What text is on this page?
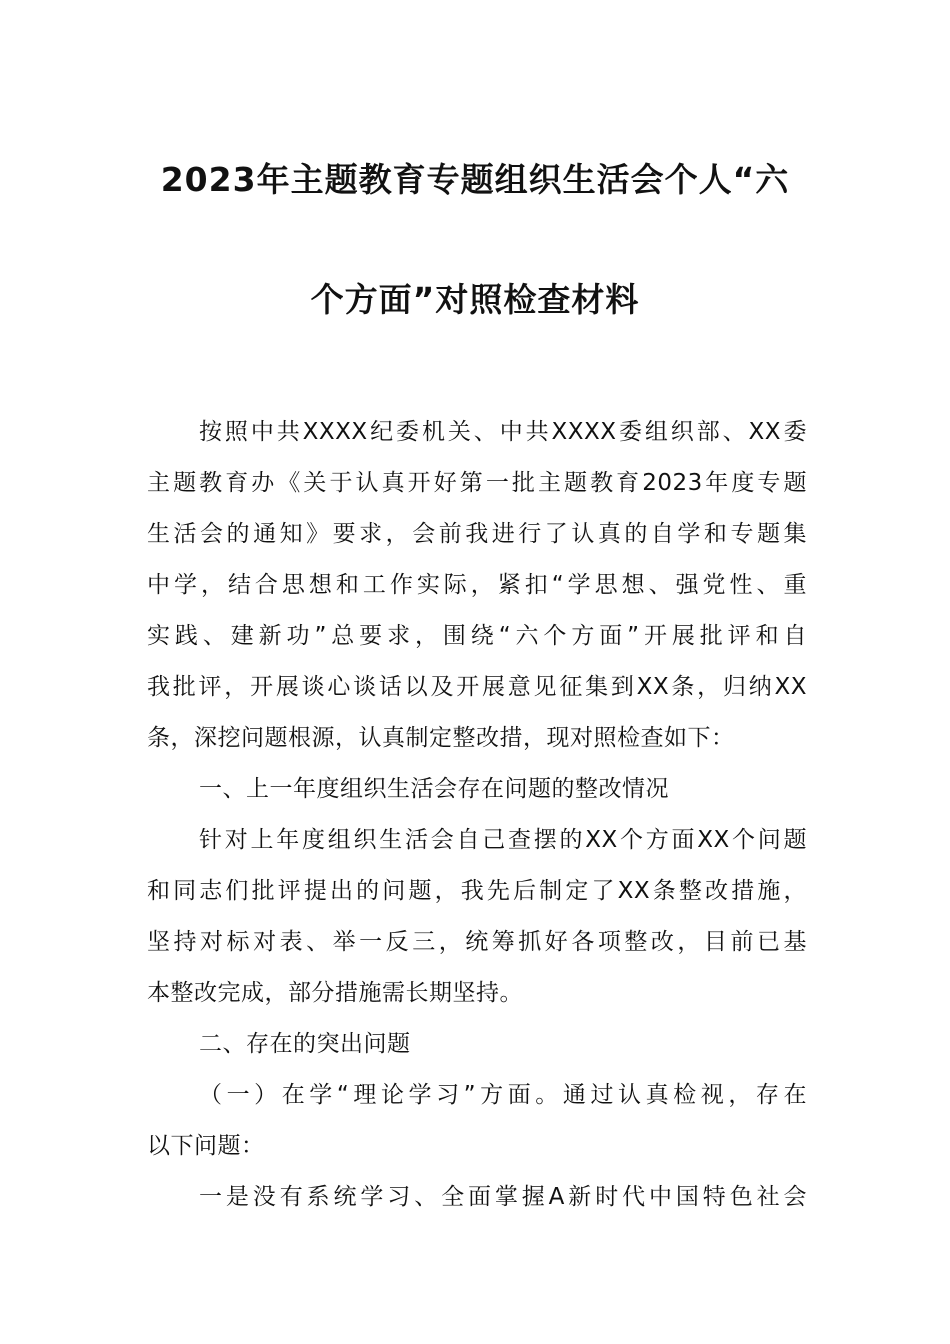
2023年主题教育专题组织生活会个人“六
个方面”对照检查材料
按照中共XXXX纪委机关、中共XXXX委组织部、XX委
主题教育办《关于认真开好第一批主题教育2023年度专题
生活会的通知》要求，会前我进行了认真的自学和专题集
中学，结合思想和工作实际，紧扣“学思想、强党性、重
实践、建新功”总要求，围绕“六个方面”开展批评和自
我批评，开展谈心谈话以及开展意见征集到XX条，归纳XX
条，深挖问题根源，认真制定整改措，现对照检查如下：
一、上一年度组织生活会存在问题的整改情况
针对上年度组织生活会自己查摆的XX个方面XX个问题
和同志们批评提出的问题，我先后制定了XX条整改措施，
坚持对标对表、举一反三，统筹抓好各项整改，目前已基
本整改完成，部分措施需长期坚持。
二、存在的突出问题
（一）在学“理论学习”方面。通过认真检视，存在
以下问题：
一是没有系统学习、全面掌握A新时代中国特色社会
